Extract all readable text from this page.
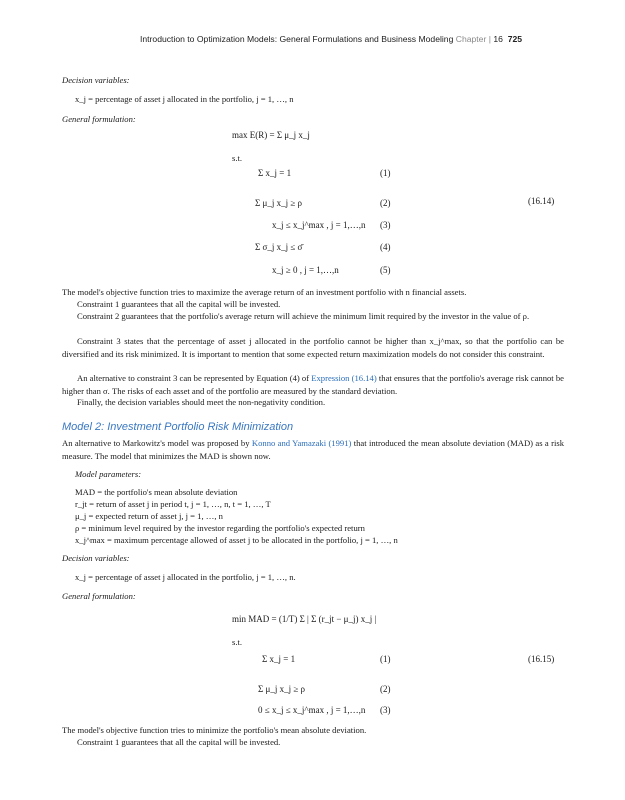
Introduction to Optimization Models: General Formulations and Business Modeling Chapter | 16 725
Decision variables:
x_j = percentage of asset j allocated in the portfolio, j = 1, …, n
General formulation:
max E(R) = Σ μ_j x_j
s.t.
Σ x_j = 1	(1)
Σ μ_j x_j ≥ ρ	(2)
x_j ≤ x_j^max , j = 1,…,n (3)
Σ σ_j x_j ≤ σ̄	(4)
x_j ≥ 0 , j = 1,…,n	(5)
(16.14)
The model's objective function tries to maximize the average return of an investment portfolio with n financial assets.
Constraint 1 guarantees that all the capital will be invested.
Constraint 2 guarantees that the portfolio's average return will achieve the minimum limit required by the investor in the value of ρ.
Constraint 3 states that the percentage of asset j allocated in the portfolio cannot be higher than x_j^max, so that the portfolio can be diversified and its risk minimized. It is important to mention that some expected return maximization models do not consider this constraint.
An alternative to constraint 3 can be represented by Equation (4) of Expression (16.14) that ensures that the portfolio's average risk cannot be higher than σ. The risks of each asset and of the portfolio are measured by the standard deviation.
Finally, the decision variables should meet the non-negativity condition.
Model 2: Investment Portfolio Risk Minimization
An alternative to Markowitz's model was proposed by Konno and Yamazaki (1991) that introduced the mean absolute deviation (MAD) as a risk measure. The model that minimizes the MAD is shown now.
Model parameters:
MAD = the portfolio's mean absolute deviation
r_jt = return of asset j in period t, j = 1, …, n, t = 1, …, T
μ_j = expected return of asset j, j = 1, …, n
ρ = minimum level required by the investor regarding the portfolio's expected return
x_j^max = maximum percentage allowed of asset j to be allocated in the portfolio, j = 1, …, n
Decision variables:
x_j = percentage of asset j allocated in the portfolio, j = 1, …, n.
General formulation:
min MAD = (1/T) Σ | Σ (r_jt − μ_j) x_j |
s.t.
Σ x_j = 1	(1)
Σ μ_j x_j ≥ ρ	(2)
0 ≤ x_j ≤ x_j^max , j = 1,…,n (3)
(16.15)
The model's objective function tries to minimize the portfolio's mean absolute deviation.
Constraint 1 guarantees that all the capital will be invested.
